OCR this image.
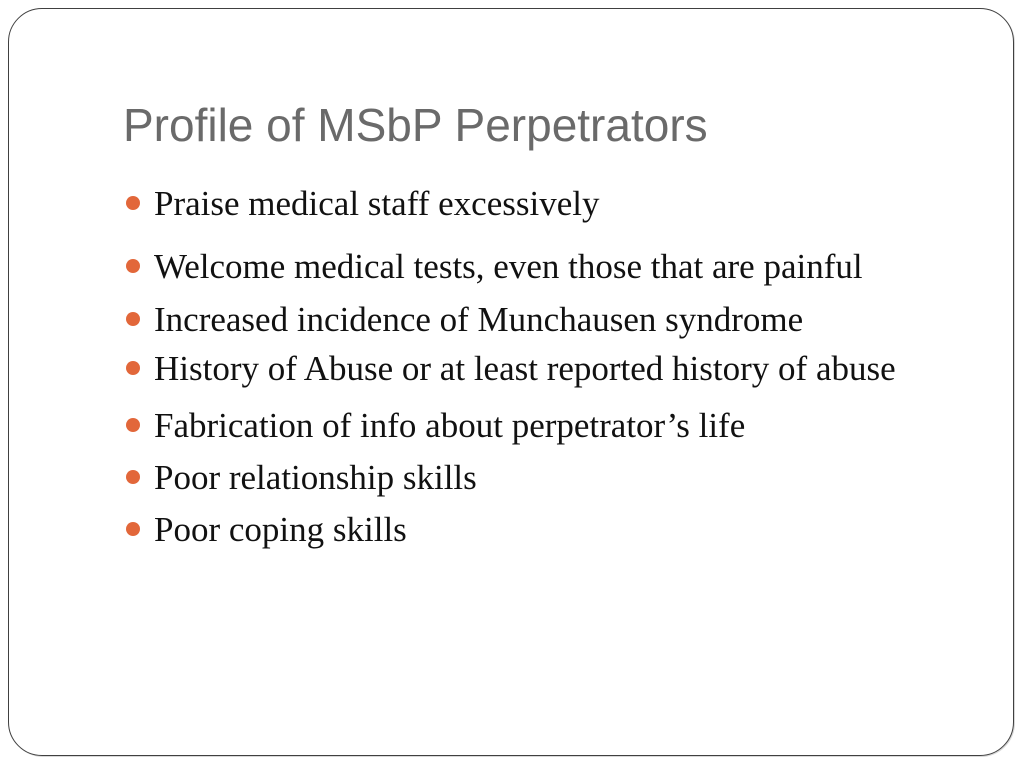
Profile of MSbP Perpetrators
Praise medical staff excessively
Welcome medical tests, even those that are painful
Increased incidence of Munchausen syndrome
History of Abuse or at least reported history of abuse
Fabrication of info about perpetrator’s life
Poor relationship skills
Poor coping skills
